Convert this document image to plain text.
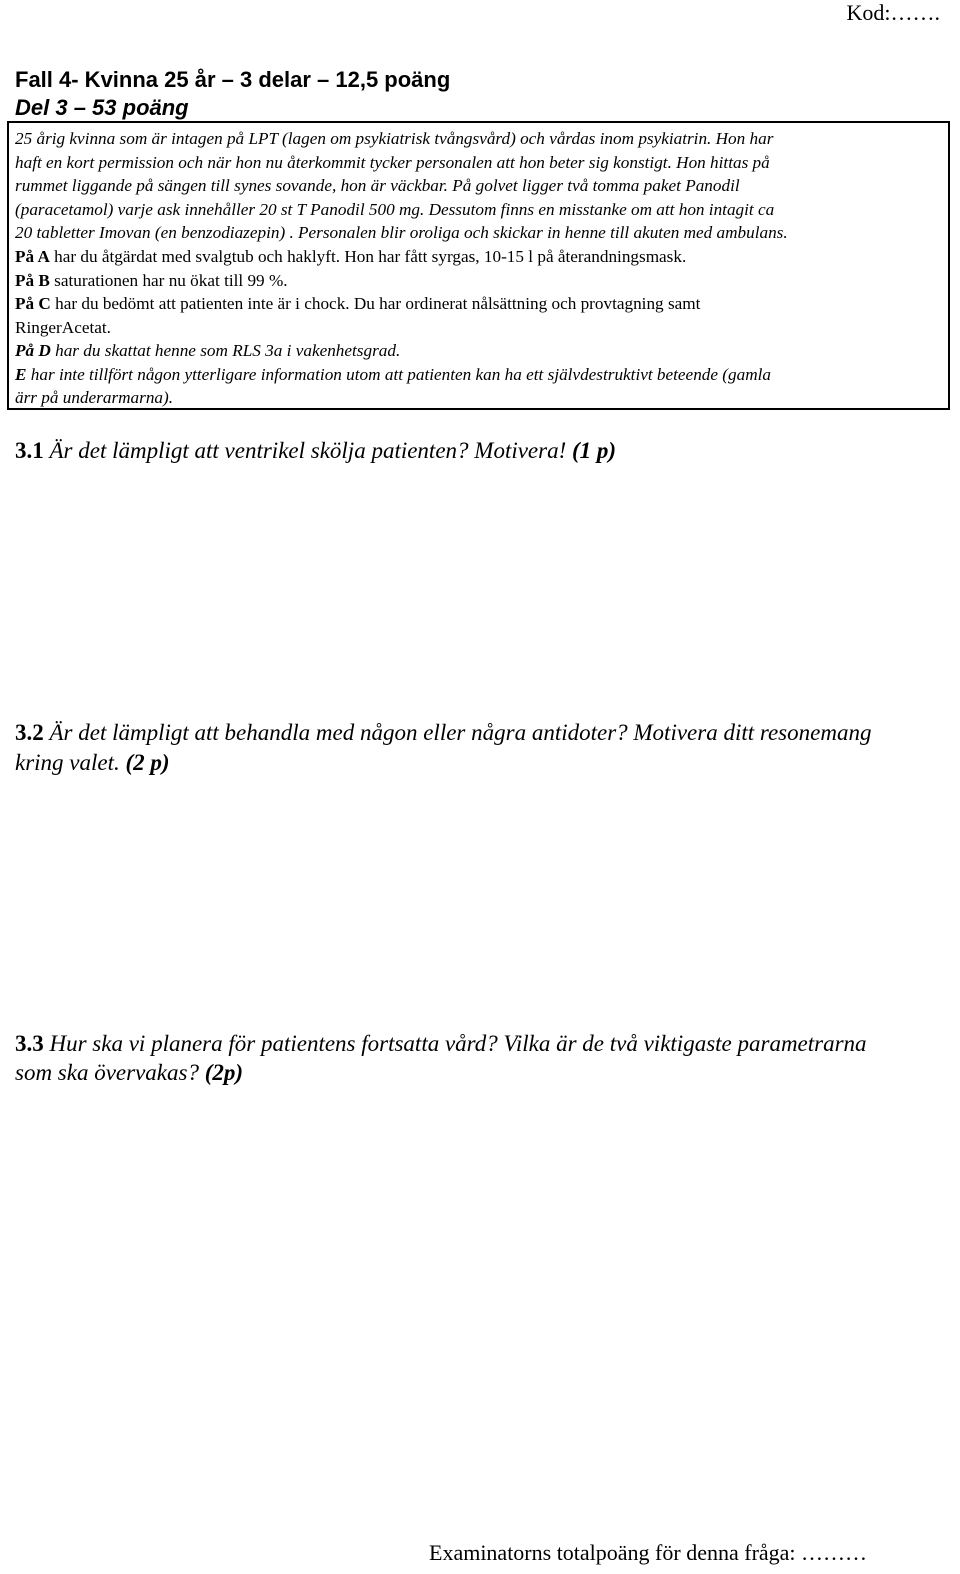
Kod:…….
Fall 4- Kvinna 25 år – 3 delar – 12,5 poäng
Del 3 – 53 poäng
25 årig kvinna som är intagen på LPT (lagen om psykiatrisk tvångsvård) och vårdas inom psykiatrin. Hon har
haft en kort permission och när hon nu återkommit tycker personalen att hon beter sig konstigt. Hon hittas på
rummet liggande på sängen till synes sovande, hon är väckbar. På golvet ligger två tomma paket Panodil
(paracetamol) varje ask innehåller 20 st T Panodil 500 mg. Dessutom finns en misstanke om att hon intagit ca
20 tabletter Imovan (en benzodiazepin) . Personalen blir oroliga och skickar in henne till akuten med ambulans.
På A har du åtgärdat med svalgtub och haklyft. Hon har fått syrgas, 10-15 l på återandningsmask.
På B saturationen har nu ökat till 99 %.
På C har du bedömt att patienten inte är i chock. Du har ordinerat nålsättning och provtagning samt
RingerAcetat.
På D har du skattat henne som RLS 3a i vakenhetsgrad.
E har inte tillfört någon ytterligare information utom att patienten kan ha ett självdestruktivt beteende (gamla
ärr på underarmarna).
3.1 Är det lämpligt att ventrikel skölja patienten? Motivera! (1 p)
3.2 Är det lämpligt att behandla med någon eller några antidoter? Motivera ditt resonemang
kring valet. (2 p)
3.3 Hur ska vi planera för patientens fortsatta vård? Vilka är de två viktigaste parametrarna
som ska övervakas? (2p)
Examinatorns totalpoäng för denna fråga: ………
